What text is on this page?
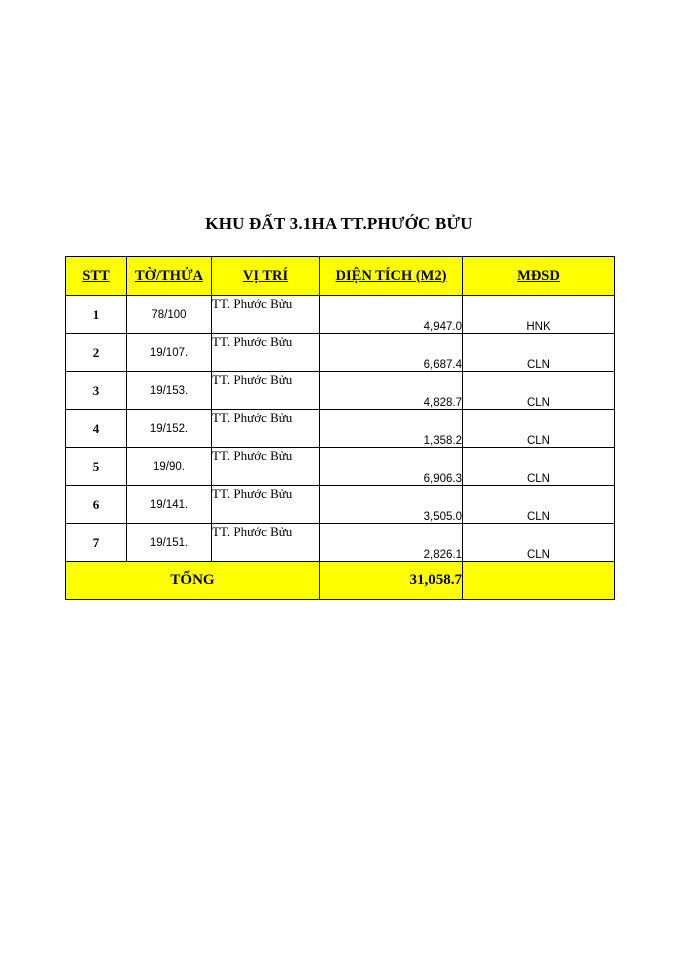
KHU ĐẤT 3.1HA TT.PHƯỚC BỬU
STT	TỜ/THỬA	VỊ TRÍ	DIỆN TÍCH (M2)	MĐSD
1	78/100	TT. Phước Bửu	4,947.0	HNK
2	19/107.	TT. Phước Bửu	6,687.4	CLN
3	19/153.	TT. Phước Bửu	4,828.7	CLN
4	19/152.	TT. Phước Bửu	1,358.2	CLN
5	19/90.	TT. Phước Bửu	6,906.3	CLN
6	19/141.	TT. Phước Bửu	3,505.0	CLN
7	19/151.	TT. Phước Bửu	2,826.1	CLN
TỔNG			31,058.7	
